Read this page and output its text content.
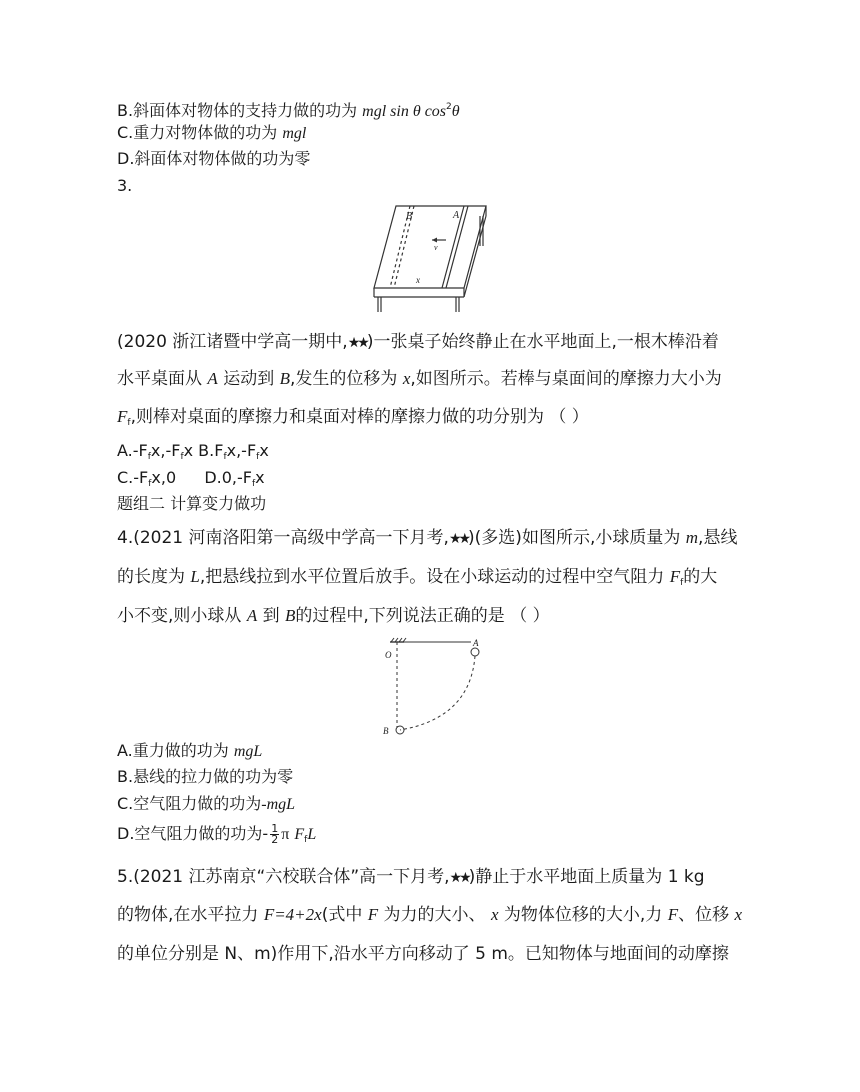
B.斜面体对物体的支持力做的功为 mgl sin θ $\cos^2\theta$
C.重力对物体做的功为 mgl
D.斜面体对物体做的功为零
3.
B	A
v
x
(2020 浙江诸暨中学高一期中,★★)一张桌子始终静止在水平地面上,一根木棒沿着
水平桌面从 A 运动到 B,发生的位移为 x,如图所示。若棒与桌面间的摩擦力大小为
$F_f$,则棒对桌面的摩擦力和桌面对棒的摩擦力做的功分别为 （ ）
$A.-F_fx,-F_fx$ $B.F_fx,-F_fx$
$C.-F_fx,0$ $D.0,-F_fx$
题组二 计算变力做功
4.(2021 河南洛阳第一高级中学高一下月考,★★)(多选)如图所示,小球质量为 m,悬线
的长度为 L,把悬线拉到水平位置后放手。设在小球运动的过程中空气阻力 $F_f$的大
小不变,则小球从 A 到 B的过程中,下列说法正确的是 （ ）
O
A
B
A.重力做的功为 mgL
B.悬线的拉力做的功为零
C.空气阻力做的功为-mgL
D.空气阻力做的功为- $\frac{1}{2}$ π $F_fL$
5.(2021 江苏南京“六校联合体”高一下月考,★★)静止于水平地面上质量为 1 kg
的物体,在水平拉力 F=4+2x(式中 F 为力的大小、 x 为物体位移的大小,力 F、位移 x
的单位分别是 N、m)作用下,沿水平方向移动了 5 m。已知物体与地面间的动摩擦
